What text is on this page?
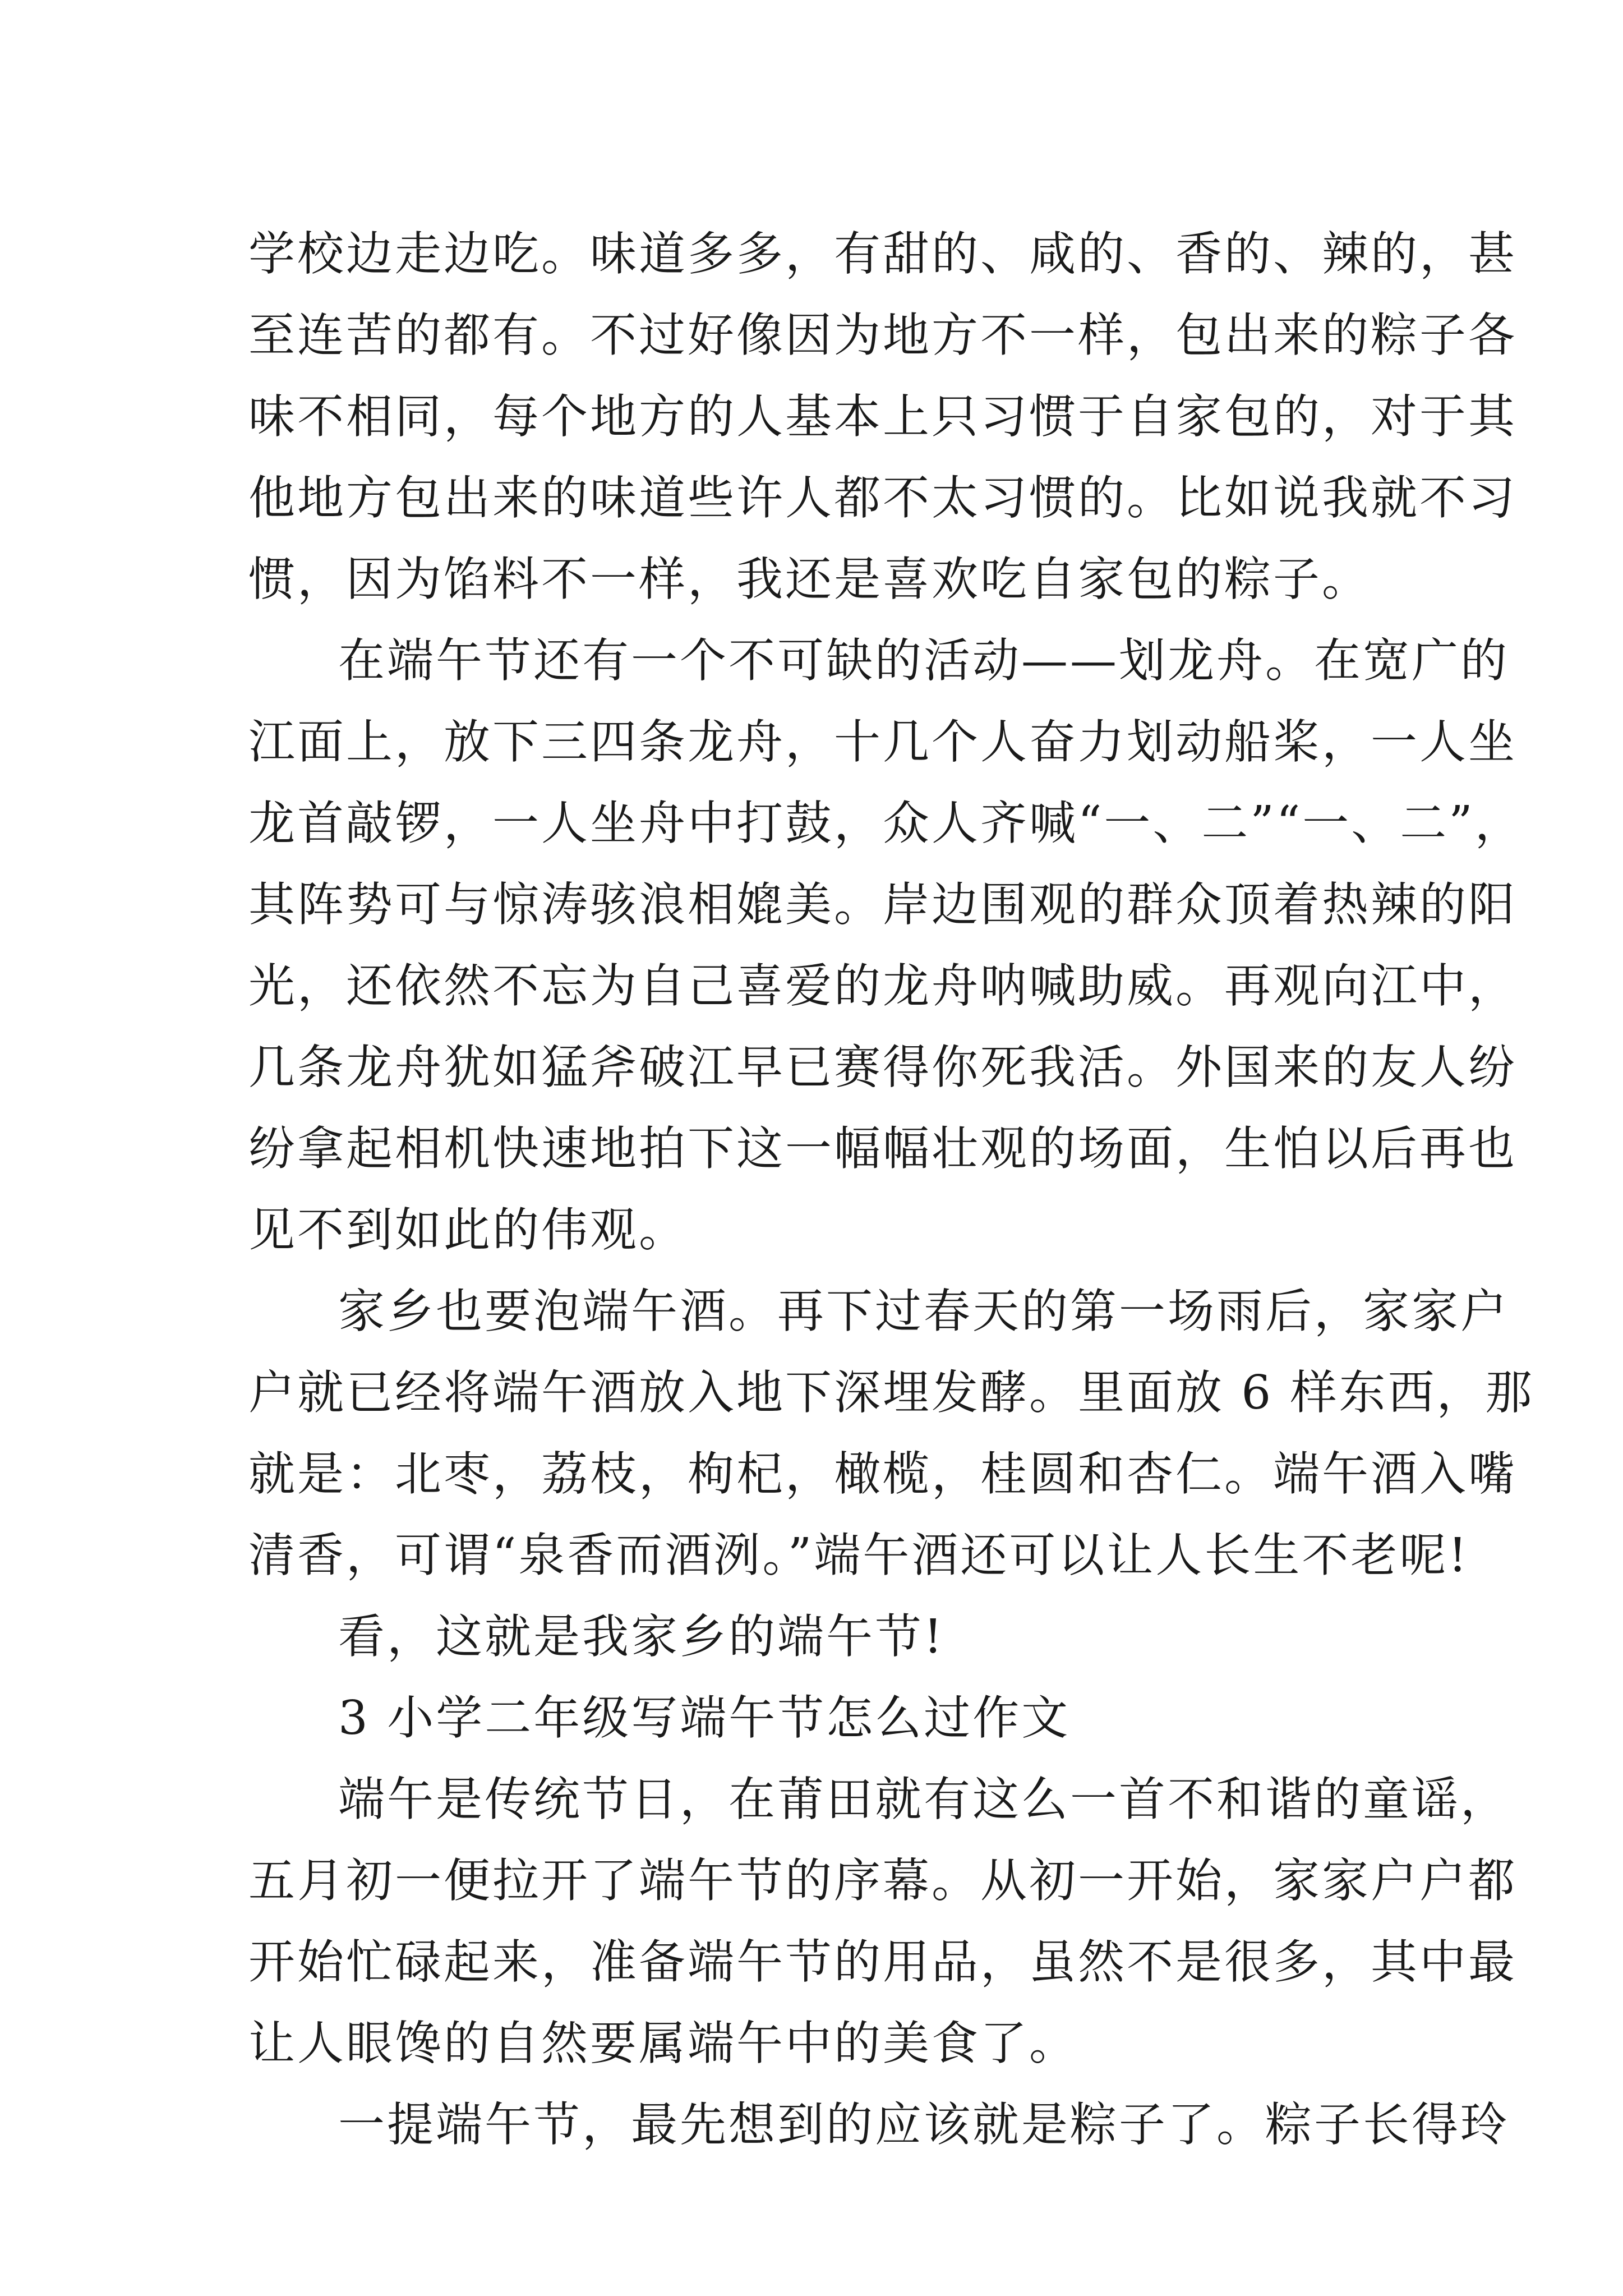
学校边走边吃。味道多多，有甜的、咸的、香的、辣的，甚
至连苦的都有。不过好像因为地方不一样，包出来的粽子各
味不相同，每个地方的人基本上只习惯于自家包的，对于其
他地方包出来的味道些许人都不太习惯的。比如说我就不习
惯，因为馅料不一样，我还是喜欢吃自家包的粽子。
在端午节还有一个不可缺的活动——划龙舟。在宽广的
江面上，放下三四条龙舟，十几个人奋力划动船桨，一人坐
龙首敲锣，一人坐舟中打鼓，众人齐喊“一、二”“一、二”，
其阵势可与惊涛骇浪相媲美。岸边围观的群众顶着热辣的阳
光，还依然不忘为自己喜爱的龙舟呐喊助威。再观向江中，
几条龙舟犹如猛斧破江早已赛得你死我活。外国来的友人纷
纷拿起相机快速地拍下这一幅幅壮观的场面，生怕以后再也
见不到如此的伟观。
家乡也要泡端午酒。再下过春天的第一场雨后，家家户
户就已经将端午酒放入地下深埋发酵。里面放 6 样东西，那
就是：北枣，荔枝，枸杞，橄榄，桂圆和杏仁。端午酒入嘴
清香，可谓“泉香而酒洌。”端午酒还可以让人长生不老呢!
看，这就是我家乡的端午节!
3 小学二年级写端午节怎么过作文
端午是传统节日，在莆田就有这么一首不和谐的童谣，
五月初一便拉开了端午节的序幕。从初一开始，家家户户都
开始忙碌起来，准备端午节的用品，虽然不是很多，其中最
让人眼馋的自然要属端午中的美食了。
一提端午节，最先想到的应该就是粽子了。粽子长得玲
